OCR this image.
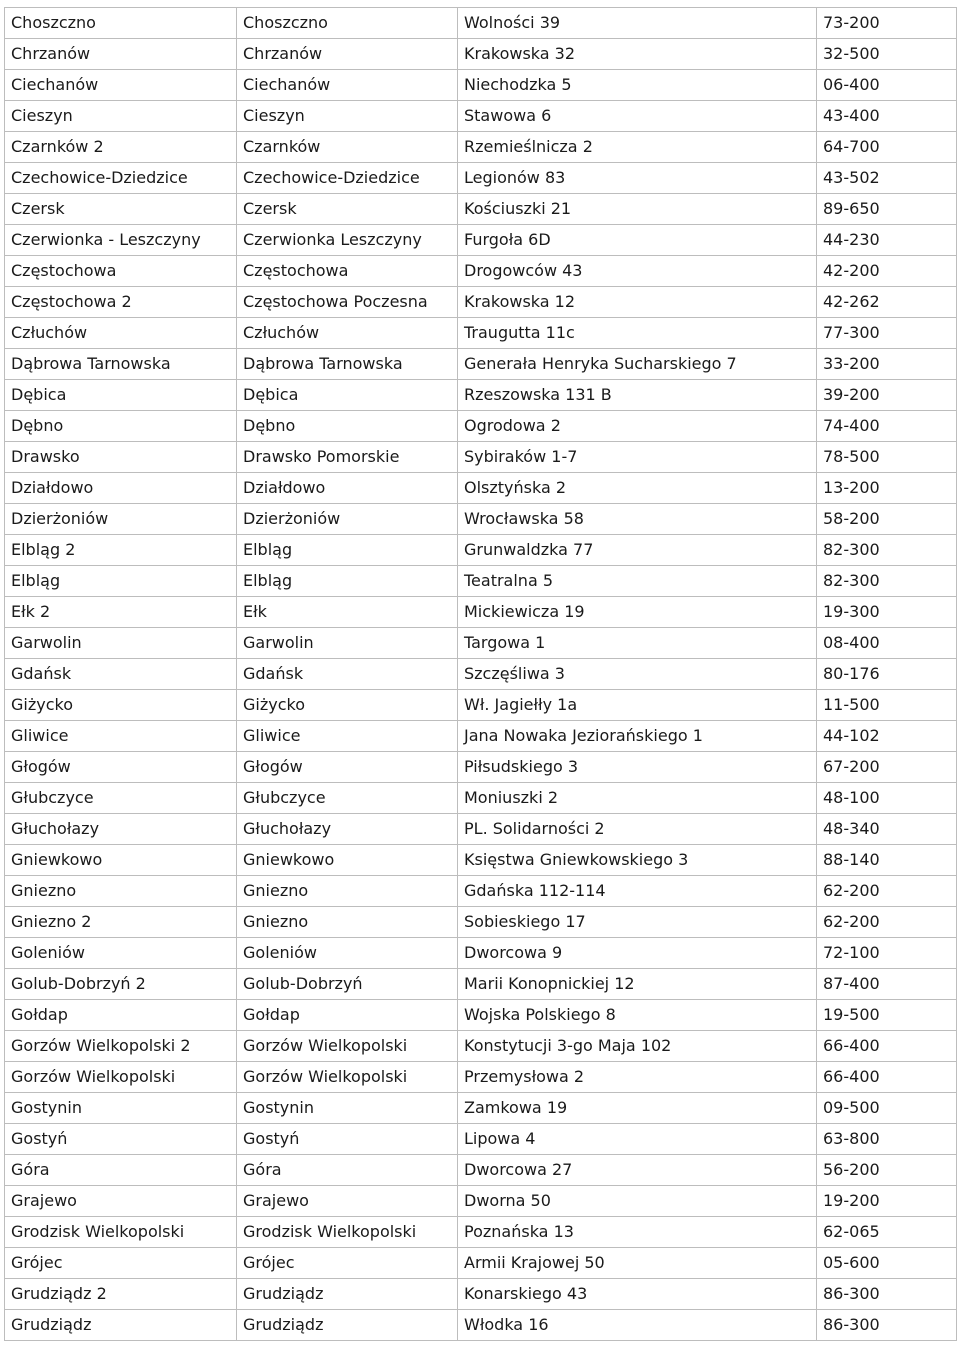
Choszczno	Choszczno	Wolności 39	73-200
Chrzanów	Chrzanów	Krakowska 32	32-500
Ciechanów	Ciechanów	Niechodzka 5	06-400
Cieszyn	Cieszyn	Stawowa 6	43-400
Czarnków 2	Czarnków	Rzemieślnicza 2	64-700
Czechowice-Dziedzice	Czechowice-Dziedzice	Legionów 83	43-502
Czersk	Czersk	Kościuszki 21	89-650
Czerwionka - Leszczyny	Czerwionka Leszczyny	Furgoła 6D	44-230
Częstochowa	Częstochowa	Drogowców 43	42-200
Częstochowa 2	Częstochowa Poczesna	Krakowska 12	42-262
Człuchów	Człuchów	Traugutta 11c	77-300
Dąbrowa Tarnowska	Dąbrowa Tarnowska	Generała Henryka Sucharskiego 7	33-200
Dębica	Dębica	Rzeszowska 131 B	39-200
Dębno	Dębno	Ogrodowa 2	74-400
Drawsko	Drawsko Pomorskie	Sybiraków 1-7	78-500
Działdowo	Działdowo	Olsztyńska 2	13-200
Dzierżoniów	Dzierżoniów	Wrocławska 58	58-200
Elbląg 2	Elbląg	Grunwaldzka 77	82-300
Elbląg	Elbląg	Teatralna 5	82-300
Ełk 2	Ełk	Mickiewicza 19	19-300
Garwolin	Garwolin	Targowa 1	08-400
Gdańsk	Gdańsk	Szczęśliwa 3	80-176
Giżycko	Giżycko	Wł. Jagiełły 1a	11-500
Gliwice	Gliwice	Jana Nowaka Jeziorańskiego 1	44-102
Głogów	Głogów	Piłsudskiego 3	67-200
Głubczyce	Głubczyce	Moniuszki 2	48-100
Głuchołazy	Głuchołazy	PL. Solidarności 2	48-340
Gniewkowo	Gniewkowo	Księstwa Gniewkowskiego 3	88-140
Gniezno	Gniezno	Gdańska 112-114	62-200
Gniezno 2	Gniezno	Sobieskiego 17	62-200
Goleniów	Goleniów	Dworcowa 9	72-100
Golub-Dobrzyń 2	Golub-Dobrzyń	Marii Konopnickiej 12	87-400
Gołdap	Gołdap	Wojska Polskiego 8	19-500
Gorzów Wielkopolski 2	Gorzów Wielkopolski	Konstytucji 3-go Maja 102	66-400
Gorzów Wielkopolski	Gorzów Wielkopolski	Przemysłowa 2	66-400
Gostynin	Gostynin	Zamkowa 19	09-500
Gostyń	Gostyń	Lipowa 4	63-800
Góra	Góra	Dworcowa 27	56-200
Grajewo	Grajewo	Dworna 50	19-200
Grodzisk Wielkopolski	Grodzisk Wielkopolski	Poznańska 13	62-065
Grójec	Grójec	Armii Krajowej 50	05-600
Grudziądz 2	Grudziądz	Konarskiego 43	86-300
Grudziądz	Grudziądz	Włodka 16	86-300
